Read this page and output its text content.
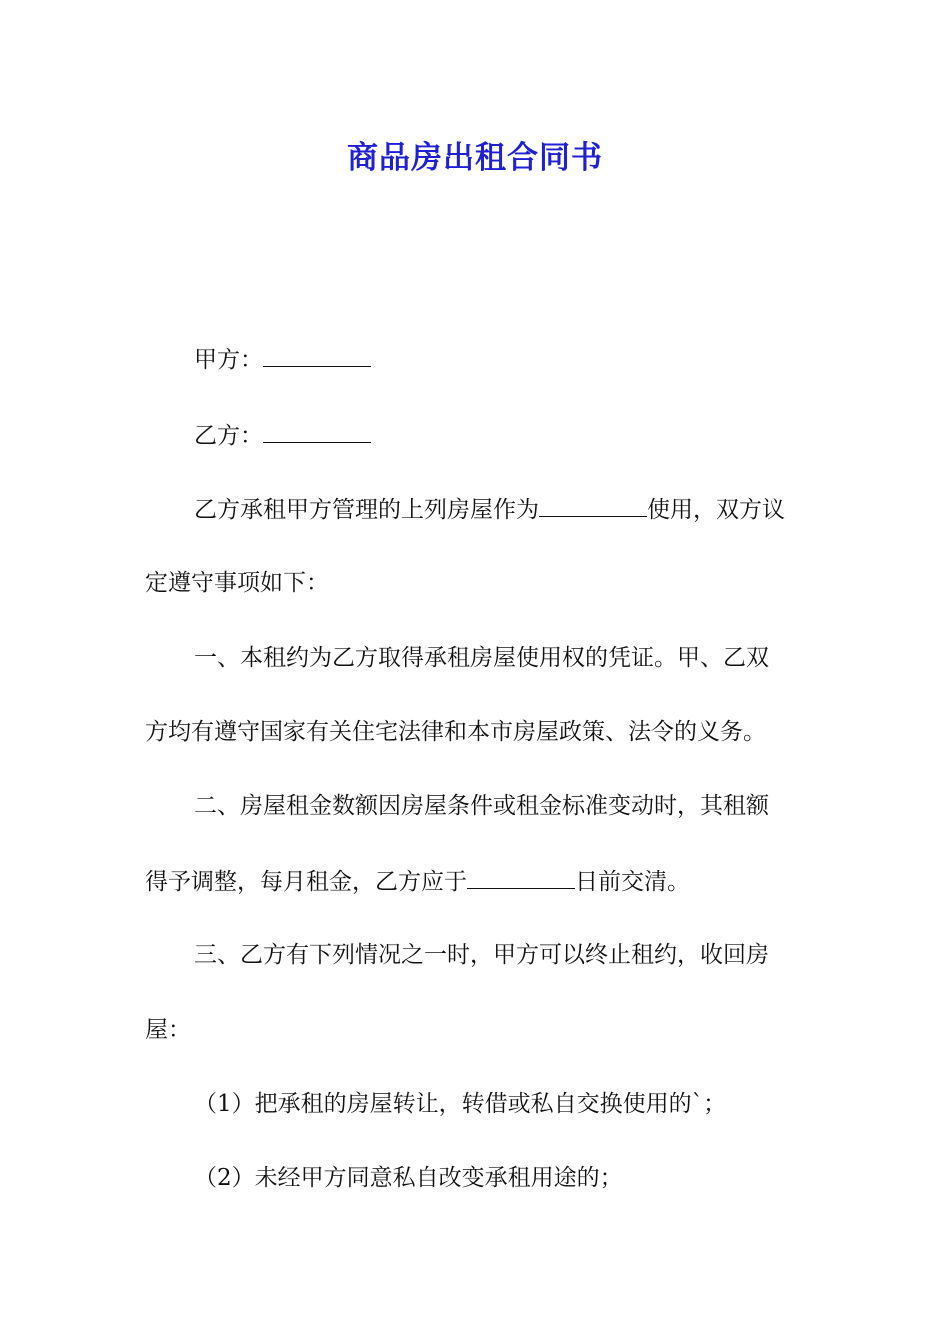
商品房出租合同书

甲方：

乙方：

乙方承租甲方管理的上列房屋作为	使用，双方议

定遵守事项如下：

一、本租约为乙方取得承租房屋使用权的凭证。甲、乙双

方均有遵守国家有关住宅法律和本市房屋政策、法令的义务。

二、房屋租金数额因房屋条件或租金标准变动时，其租额

得予调整，每月租金，乙方应于	日前交清。

三、乙方有下列情况之一时，甲方可以终止租约，收回房

屋：

（1）把承租的房屋转让，转借或私自交换使用的`；

（2）未经甲方同意私自改变承租用途的；
